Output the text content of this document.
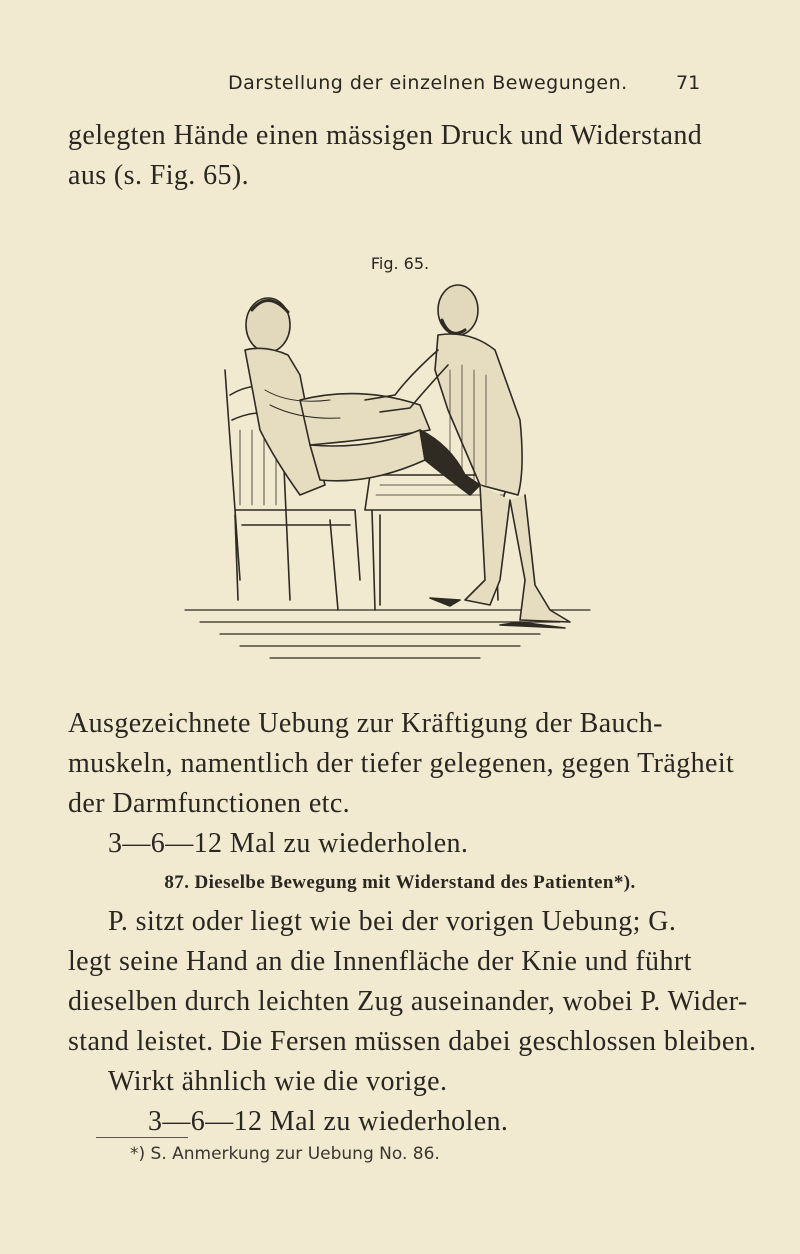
Darstellung der einzelnen Bewegungen.	71
gelegten Hände einen mässigen Druck und Widerstand
aus (s. Fig. 65).
Fig. 65.
Ausgezeichnete Uebung zur Kräftigung der Bauch-
muskeln, namentlich der tiefer gelegenen, gegen Trägheit
der Darmfunctionen etc.
3—6—12 Mal zu wiederholen.
87. Dieselbe Bewegung mit Widerstand des Patienten*).
P. sitzt oder liegt wie bei der vorigen Uebung; G.
legt seine Hand an die Innenfläche der Knie und führt
dieselben durch leichten Zug auseinander, wobei P. Wider-
stand leistet. Die Fersen müssen dabei geschlossen bleiben.
Wirkt ähnlich wie die vorige.
3—6—12 Mal zu wiederholen.
*) S. Anmerkung zur Uebung No. 86.
